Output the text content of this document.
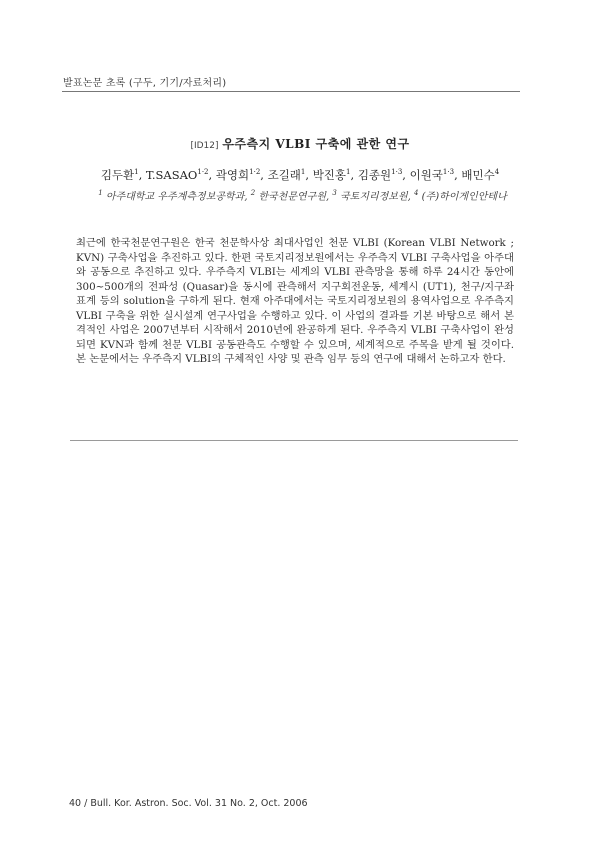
발표논문 초록 (구두, 기기/자료처리)
[ID12] 우주측지 VLBI 구축에 관한 연구
김두환$^1$, $T.SASAO^{1\cdot 2}$, 곽영희$^{1\cdot 2}$, 조길래$^1$, 박진홍$^1$, 김종원$^{1\cdot 3}$, 이원국$^{1\cdot 3}$, 배민수$^4$
$^1$ 아주대학교 우주계측정보공학과, $^2$ 한국천문연구원, $^3$ 국토지리정보원, $^4$ (주)하이게인안테나

최근에 한국천문연구원은 한국 천문학사상 최대사업인 천문 VLBI (Korean VLBI Network ; KVN) 구축사업을 추진하고 있다. 한편 국토지리정보원에서는 우주측지 VLBI 구축사업을 아주대와 공동으로 추진하고 있다. 우주측지 VLBI는 세계의 VLBI 관측망을 통해 하루 24시간 동안에 300~500개의 전파성 (Quasar)을 동시에 관측해서 지구회전운동, 세계시 (UT1), 천구/지구좌표계 등의 solution을 구하게 된다. 현재 아주대에서는 국토지리정보원의 용역사업으로 우주측지 VLBI 구축을 위한 실시설계 연구사업을 수행하고 있다. 이 사업의 결과를 기본 바탕으로 해서 본격적인 사업은 2007년부터 시작해서 2010년에 완공하게 된다. 우주측지 VLBI 구축사업이 완성되면 KVN과 함께 천문 VLBI 공동관측도 수행할 수 있으며, 세계적으로 주목을 받게 될 것이다. 본 논문에서는 우주측지 VLBI의 구체적인 사양 및 관측 임무 등의 연구에 대해서 논하고자 한다.

40 / Bull. Kor. Astron. Soc. Vol. 31 No. 2, Oct. 2006
